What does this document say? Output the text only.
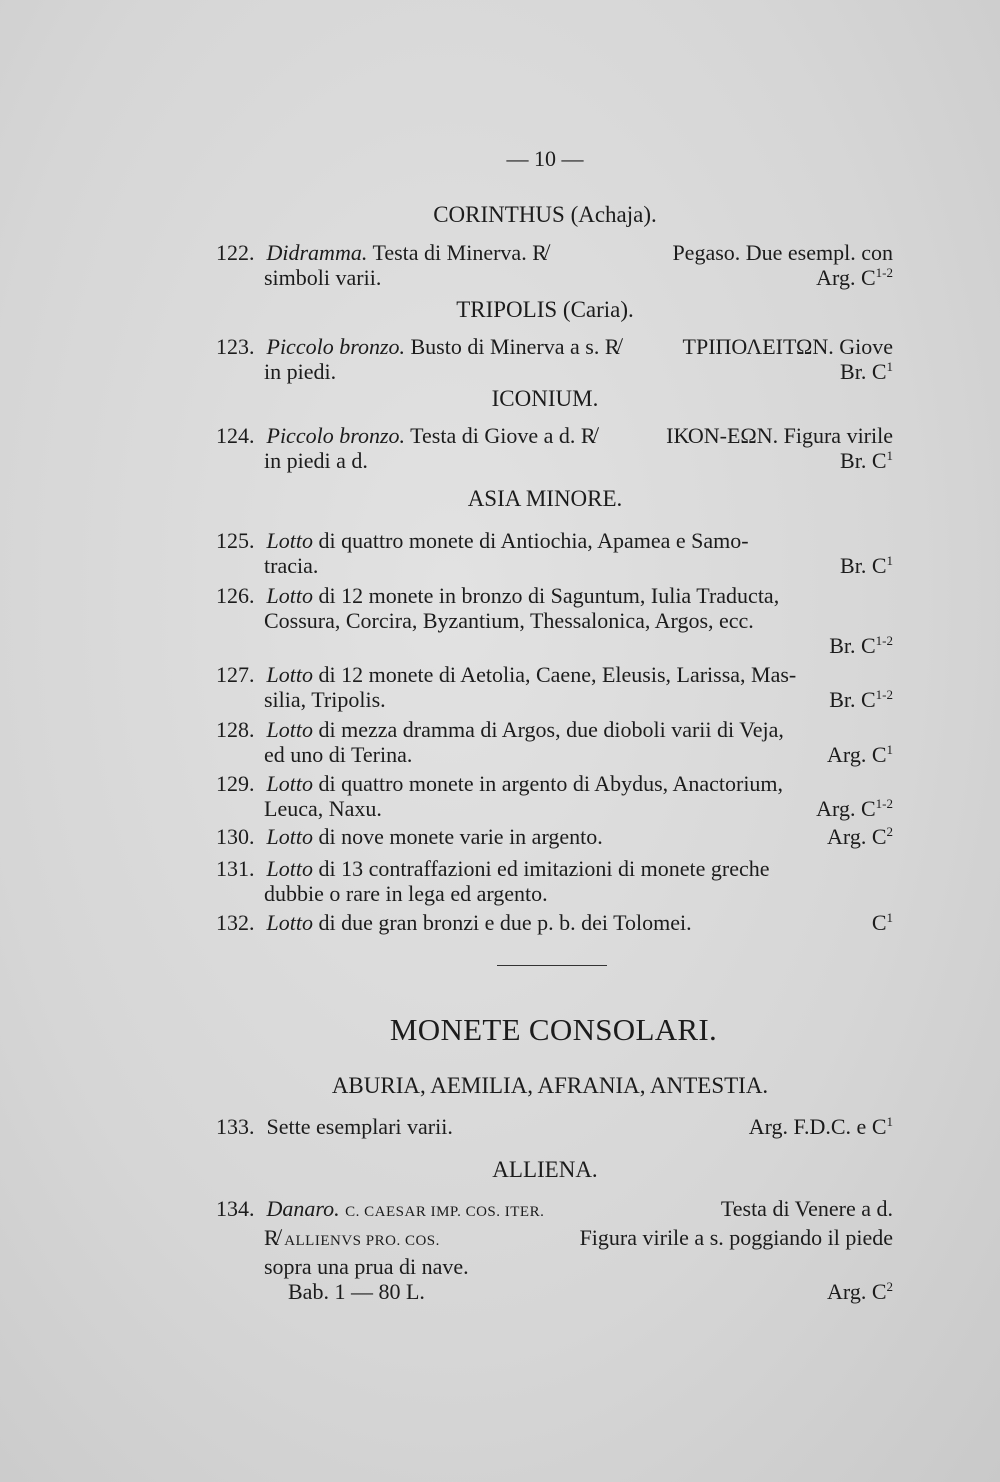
— 10 —
CORINTHUS (Achaja).
122. Didramma. Testa di Minerva. R̸	Pegaso. Due esempl. con
simboli varii.	Arg. $C^{1-2}$
TRIPOLIS (Caria).
123. Piccolo bronzo. Busto di Minerva a s. R̸	ΤΡΙΠΟΛΕΙΤΩΝ. Giove
in piedi.	Br. $C^1$
ICONIUM.
124. Piccolo bronzo. Testa di Giove a d. R̸	ΙΚΟΝ-ΕΩΝ. Figura virile
in piedi a d.	Br. $C^1$
ASIA MINORE.
125. Lotto di quattro monete di Antiochia, Apamea e Samo-
tracia.	Br. $C^1$
126. Lotto di 12 monete in bronzo di Saguntum, Iulia Traducta,
Cossura, Corcira, Byzantium, Thessalonica, Argos, ecc.
Br. $C^{1-2}$
127. Lotto di 12 monete di Aetolia, Caene, Eleusis, Larissa, Mas-
silia, Tripolis.	Br. $C^{1-2}$
128. Lotto di mezza dramma di Argos, due dioboli varii di Veja,
ed uno di Terina.	Arg. $C^1$
129. Lotto di quattro monete in argento di Abydus, Anactorium,
Leuca, Naxu.	Arg. $C^{1-2}$
130. Lotto di nove monete varie in argento.	Arg. $C^2$
131. Lotto di 13 contraffazioni ed imitazioni di monete greche
dubbie o rare in lega ed argento.
132. Lotto di due gran bronzi e due p. b. dei Tolomei.	$C^1$
MONETE CONSOLARI.
ABURIA, AEMILIA, AFRANIA, ANTESTIA.
133. Sette esemplari varii.	Arg. F.D.C. e $C^1$
ALLIENA.
134. Danaro. C. CAESAR IMP. COS. ITER.	Testa di Venere a d.
R̸ ALLIENVS PRO. COS.	Figura virile a s. poggiando il piede
sopra una prua di nave.
Bab. 1 — 80 L.	Arg. $C^2$
